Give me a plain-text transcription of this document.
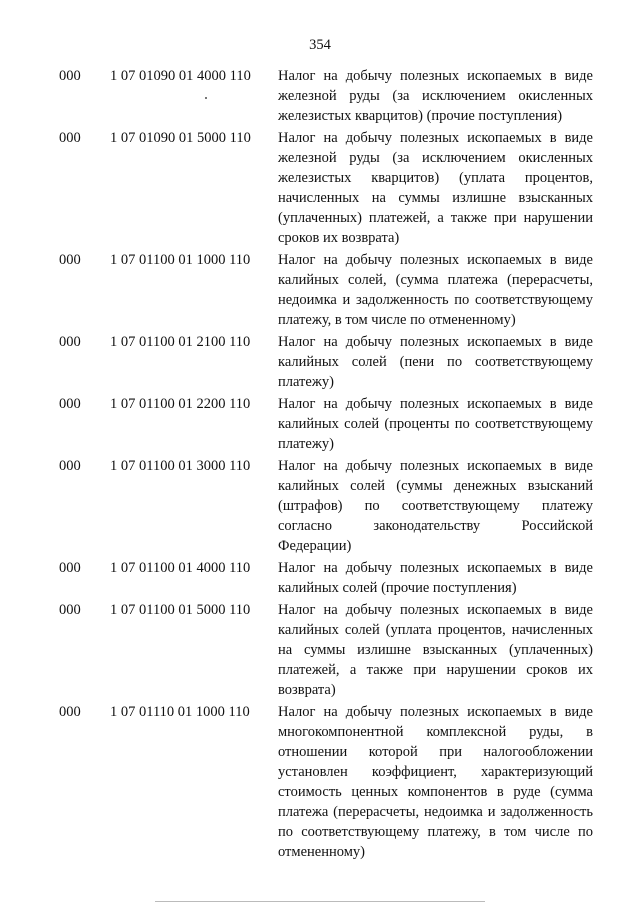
354
000 1 07 01090 01 4000 110 Налог на добычу полезных ископаемых в виде железной руды (за исключением окисленных железистых кварцитов) (прочие поступления)
000 1 07 01090 01 5000 110 Налог на добычу полезных ископаемых в виде железной руды (за исключением окисленных железистых кварцитов) (уплата процентов, начисленных на суммы излишне взысканных (уплаченных) платежей, а также при нарушении сроков их возврата)
000 1 07 01100 01 1000 110 Налог на добычу полезных ископаемых в виде калийных солей, (сумма платежа (перерасчеты, недоимка и задолженность по соответствующему платежу, в том числе по отмененному)
000 1 07 01100 01 2100 110 Налог на добычу полезных ископаемых в виде калийных солей (пени по соответствующему платежу)
000 1 07 01100 01 2200 110 Налог на добычу полезных ископаемых в виде калийных солей (проценты по соответствующему платежу)
000 1 07 01100 01 3000 110 Налог на добычу полезных ископаемых в виде калийных солей (суммы денежных взысканий (штрафов) по соответствующему платежу согласно законодательству Российской Федерации)
000 1 07 01100 01 4000 110 Налог на добычу полезных ископаемых в виде калийных солей (прочие поступления)
000 1 07 01100 01 5000 110 Налог на добычу полезных ископаемых в виде калийных солей (уплата процентов, начисленных на суммы излишне взысканных (уплаченных) платежей, а также при нарушении сроков их возврата)
000 1 07 01110 01 1000 110 Налог на добычу полезных ископаемых в виде многокомпонентной комплексной руды, в отношении которой при налогообложении установлен коэффициент, характеризующий стоимость ценных компонентов в руде (сумма платежа (перерасчеты, недоимка и задолженность по соответствующему платежу, в том числе по отмененному)
